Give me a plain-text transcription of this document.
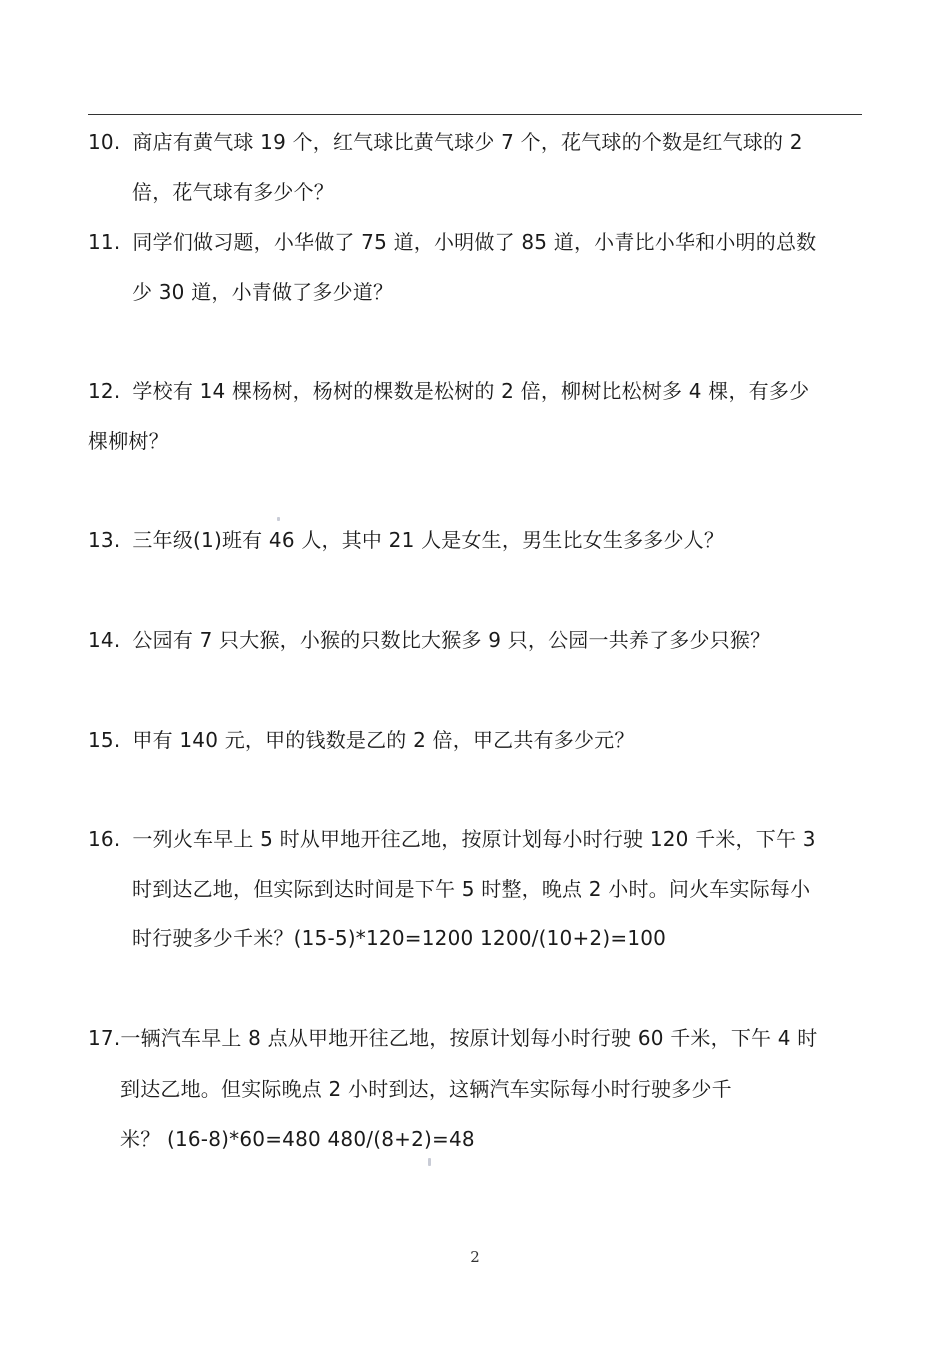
10. 商店有黄气球 19 个，红气球比黄气球少 7 个，花气球的个数是红气球的 2
倍，花气球有多少个？
11. 同学们做习题，小华做了 75 道，小明做了 85 道，小青比小华和小明的总数
少 30 道，小青做了多少道？
12. 学校有 14 棵杨树，杨树的棵数是松树的 2 倍，柳树比松树多 4 棵，有多少
棵柳树？
13. 三年级(1)班有 46 人，其中 21 人是女生，男生比女生多多少人？
14. 公园有 7 只大猴，小猴的只数比大猴多 9 只，公园一共养了多少只猴？
15. 甲有 140 元，甲的钱数是乙的 2 倍，甲乙共有多少元？
16. 一列火车早上 5 时从甲地开往乙地，按原计划每小时行驶 120 千米，下午 3
时到达乙地，但实际到达时间是下午 5 时整，晚点 2 小时。问火车实际每小
时行驶多少千米？(15-5)*120=1200 1200/(10+2)=100
17.一辆汽车早上 8 点从甲地开往乙地，按原计划每小时行驶 60 千米，下午 4 时
到达乙地。但实际晚点 2 小时到达，这辆汽车实际每小时行驶多少千
米？ (16-8)*60=480 480/(8+2)=48
2
